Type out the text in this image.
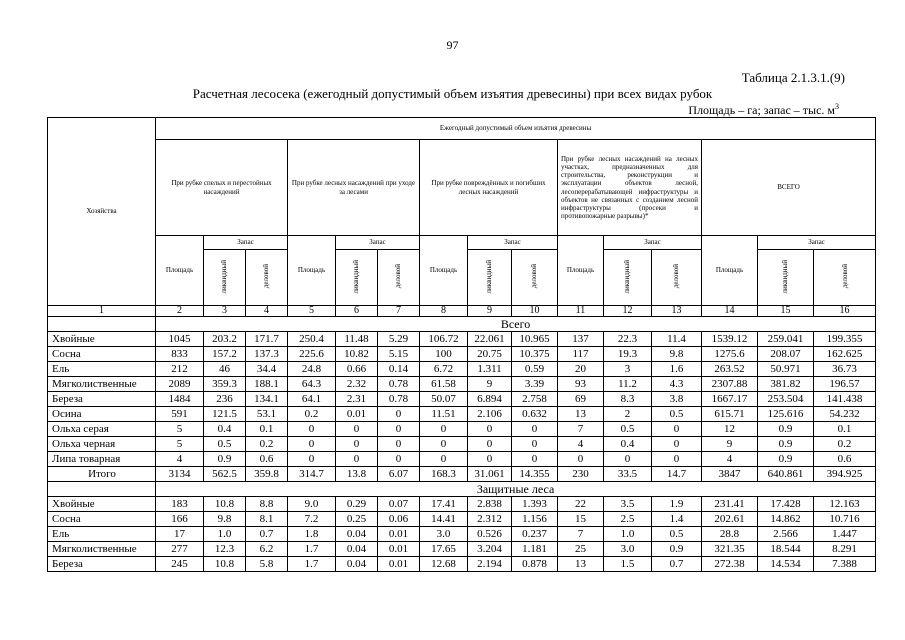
97
Таблица 2.1.3.1.(9)
Расчетная лесосека (ежегодный допустимый объем изъятия древесины) при всех видах рубок
Площадь – га; запас – тыс. $м^3$
Хозяйства	Ежегодный допустимый объем изъятия древесины														
	При рубке спелых и перестойных насаждений			При рубке лесных насаждений при уходе за лесами			При рубке повреждённых и погибших лесных насаждений			При рубке лесных насаждений на лесных участках, предназначенных для строительства, реконструкции и эксплуатации объектов лесной, лесоперерабатывающей инфраструктуры и объектов не связанных с созданием лесной инфраструктуры (просеки и противопожарные разрывы)*			ВСЕГО		
	Площадь	Запас		Площадь	Запас		Площадь	Запас		Площадь	Запас		Площадь	Запас	
		ликвидный	деловой		ликвидный	деловой		ликвидный	деловой		ликвидный	деловой		ликвидный	деловой
1	2	3	4	5	6	7	8	9	10	11	12	13	14	15	16
	Всего														
Хвойные	1045	203.2	171.7	250.4	11.48	5.29	106.72	22.061	10.965	137	22.3	11.4	1539.12	259.041	199.355
Сосна	833	157.2	137.3	225.6	10.82	5.15	100	20.75	10.375	117	19.3	9.8	1275.6	208.07	162.625
Ель	212	46	34.4	24.8	0.66	0.14	6.72	1.311	0.59	20	3	1.6	263.52	50.971	36.73
Мягколиственные	2089	359.3	188.1	64.3	2.32	0.78	61.58	9	3.39	93	11.2	4.3	2307.88	381.82	196.57
Береза	1484	236	134.1	64.1	2.31	0.78	50.07	6.894	2.758	69	8.3	3.8	1667.17	253.504	141.438
Осина	591	121.5	53.1	0.2	0.01	0	11.51	2.106	0.632	13	2	0.5	615.71	125.616	54.232
Ольха серая	5	0.4	0.1	0	0	0	0	0	0	7	0.5	0	12	0.9	0.1
Ольха черная	5	0.5	0.2	0	0	0	0	0	0	4	0.4	0	9	0.9	0.2
Липа товарная	4	0.9	0.6	0	0	0	0	0	0	0	0	0	4	0.9	0.6
Итого	3134	562.5	359.8	314.7	13.8	6.07	168.3	31.061	14.355	230	33.5	14.7	3847	640.861	394.925
	Защитные леса														
Хвойные	183	10.8	8.8	9.0	0.29	0.07	17.41	2.838	1.393	22	3.5	1.9	231.41	17.428	12.163
Сосна	166	9.8	8.1	7.2	0.25	0.06	14.41	2.312	1.156	15	2.5	1.4	202.61	14.862	10.716
Ель	17	1.0	0.7	1.8	0.04	0.01	3.0	0.526	0.237	7	1.0	0.5	28.8	2.566	1.447
Мягколиственные	277	12.3	6.2	1.7	0.04	0.01	17.65	3.204	1.181	25	3.0	0.9	321.35	18.544	8.291
Береза	245	10.8	5.8	1.7	0.04	0.01	12.68	2.194	0.878	13	1.5	0.7	272.38	14.534	7.388
